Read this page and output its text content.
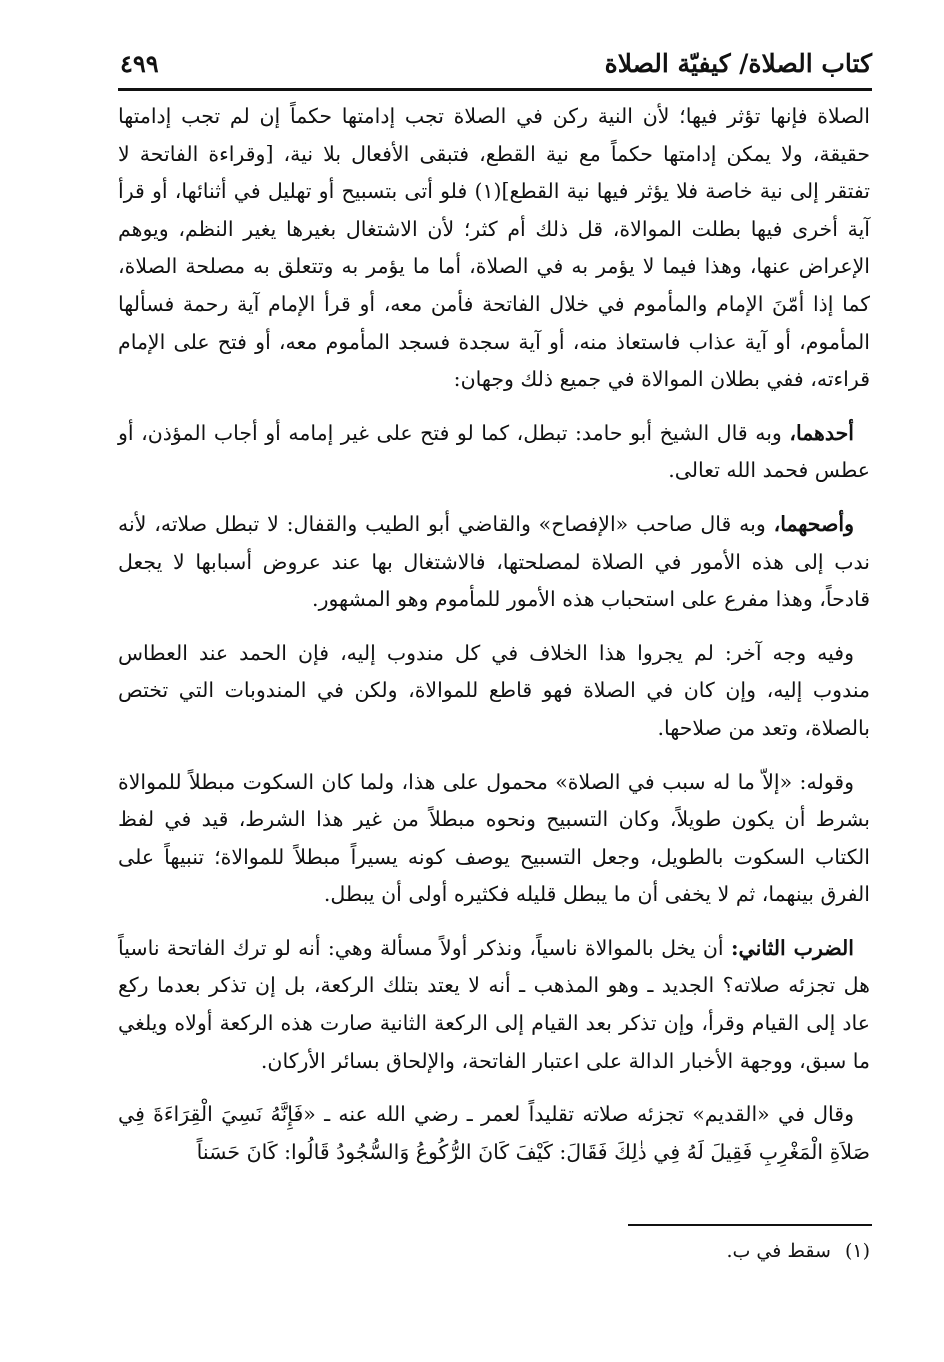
كتاب الصلاة/ كيفيّة الصلاة
٤٩٩

الصلاة فإنها تؤثر فيها؛ لأن النية ركن في الصلاة تجب إدامتها حكماً إن لم تجب إدامتها حقيقة، ولا يمكن إدامتها حكماً مع نية القطع، فتبقى الأفعال بلا نية، [وقراءة الفاتحة لا تفتقر إلى نية خاصة فلا يؤثر فيها نية القطع](١) فلو أتى بتسبيح أو تهليل في أثنائها، أو قرأ آية أخرى فيها بطلت الموالاة، قل ذلك أم كثر؛ لأن الاشتغال بغيرها يغير النظم، ويوهم الإعراض عنها، وهذا فيما لا يؤمر به في الصلاة، أما ما يؤمر به وتتعلق به مصلحة الصلاة، كما إذا أمّنَ الإمام والمأموم في خلال الفاتحة فأمن معه، أو قرأ الإمام آية رحمة فسألها المأموم، أو آية عذاب فاستعاذ منه، أو آية سجدة فسجد المأموم معه، أو فتح على الإمام قراءته، ففي بطلان الموالاة في جميع ذلك وجهان:

أحدهما، وبه قال الشيخ أبو حامد: تبطل، كما لو فتح على غير إمامه أو أجاب المؤذن، أو عطس فحمد الله تعالى.

وأصحهما، وبه قال صاحب «الإفصاح» والقاضي أبو الطيب والقفال: لا تبطل صلاته، لأنه ندب إلى هذه الأمور في الصلاة لمصلحتها، فالاشتغال بها عند عروض أسبابها لا يجعل قادحاً، وهذا مفرع على استحباب هذه الأمور للمأموم وهو المشهور.

وفيه وجه آخر: لم يجروا هذا الخلاف في كل مندوب إليه، فإن الحمد عند العطاس مندوب إليه، وإن كان في الصلاة فهو قاطع للموالاة، ولكن في المندوبات التي تختص بالصلاة، وتعد من صلاحها.

وقوله: «إلاّ ما له سبب في الصلاة» محمول على هذا، ولما كان السكوت مبطلاً للموالاة بشرط أن يكون طويلاً، وكان التسبيح ونحوه مبطلاً من غير هذا الشرط، قيد في لفظ الكتاب السكوت بالطويل، وجعل التسبيح يوصف كونه يسيراً مبطلاً للموالاة؛ تنبيهاً على الفرق بينهما، ثم لا يخفى أن ما يبطل قليله فكثيره أولى أن يبطل.

الضرب الثاني: أن يخل بالموالاة ناسياً، ونذكر أولاً مسألة وهي: أنه لو ترك الفاتحة ناسياً هل تجزئه صلاته؟ الجديد ـ وهو المذهب ـ أنه لا يعتد بتلك الركعة، بل إن تذكر بعدما ركع عاد إلى القيام وقرأ، وإن تذكر بعد القيام إلى الركعة الثانية صارت هذه الركعة أولاه ويلغي ما سبق، ووجهة الأخبار الدالة على اعتبار الفاتحة، والإلحاق بسائر الأركان.

وقال في «القديم» تجزئه صلاته تقليداً لعمر ـ رضي الله عنه ـ «فَإِنَّهُ نَسِيَ الْقِرَاءَةَ فِي صَلاَةِ الْمَغْرِبِ فَقِيلَ لَهُ فِي ذٰلِكَ فَقَالَ: كَيْفَ كَانَ الرُّكُوعُ وَالسُّجُودُ قَالُوا: كَانَ حَسَناً

(١)
سقط في ب.
